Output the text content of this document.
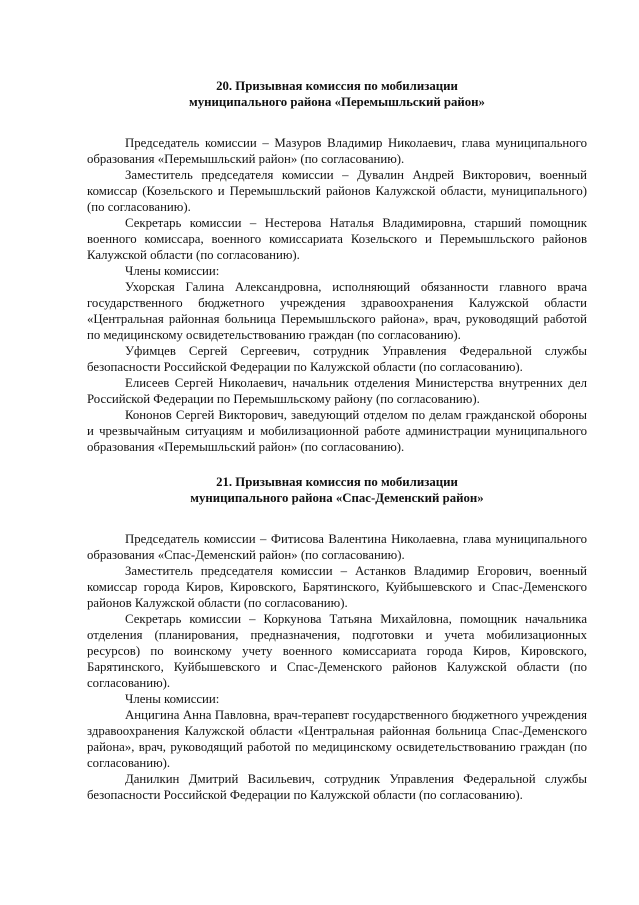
20. Призывная комиссия по мобилизации
муниципального района «Перемышльский район»

Председатель комиссии – Мазуров Владимир Николаевич, глава муниципального образования «Перемышльский район» (по согласованию).

Заместитель председателя комиссии – Дувалин Андрей Викторович, военный комиссар (Козельского и Перемышльский районов Калужской области, муниципального) (по согласованию).

Секретарь комиссии – Нестерова Наталья Владимировна, старший помощник военного комиссара, военного комиссариата Козельского и Перемышльского районов Калужской области (по согласованию).

Члены комиссии:

Ухорская Галина Александровна, исполняющий обязанности главного врача государственного бюджетного учреждения здравоохранения Калужской области «Центральная районная больница Перемышльского района», врач, руководящий работой по медицинскому освидетельствованию граждан (по согласованию).

Уфимцев Сергей Сергеевич, сотрудник Управления Федеральной службы безопасности Российской Федерации по Калужской области (по согласованию).

Елисеев Сергей Николаевич, начальник отделения Министерства внутренних дел Российской Федерации по Перемышльскому району (по согласованию).

Кононов Сергей Викторович, заведующий отделом по делам гражданской обороны и чрезвычайным ситуациям и мобилизационной работе администрации муниципального образования «Перемышльский район» (по согласованию).

21. Призывная комиссия по мобилизации
муниципального района «Спас-Деменский район»

Председатель комиссии – Фитисова Валентина Николаевна, глава муниципального образования «Спас-Деменский район» (по согласованию).

Заместитель председателя комиссии – Астанков Владимир Егорович, военный комиссар города Киров, Кировского, Барятинского, Куйбышевского и Спас-Деменского районов Калужской области (по согласованию).

Секретарь комиссии – Коркунова Татьяна Михайловна, помощник начальника отделения (планирования, предназначения, подготовки и учета мобилизационных ресурсов) по воинскому учету военного комиссариата города Киров, Кировского, Барятинского, Куйбышевского и Спас-Деменского районов Калужской области (по согласованию).

Члены комиссии:

Анцигина Анна Павловна, врач-терапевт государственного бюджетного учреждения здравоохранения Калужской области «Центральная районная больница Спас-Деменского района», врач, руководящий работой по медицинскому освидетельствованию граждан (по согласованию).

Данилкин Дмитрий Васильевич, сотрудник Управления Федеральной службы безопасности Российской Федерации по Калужской области (по согласованию).
